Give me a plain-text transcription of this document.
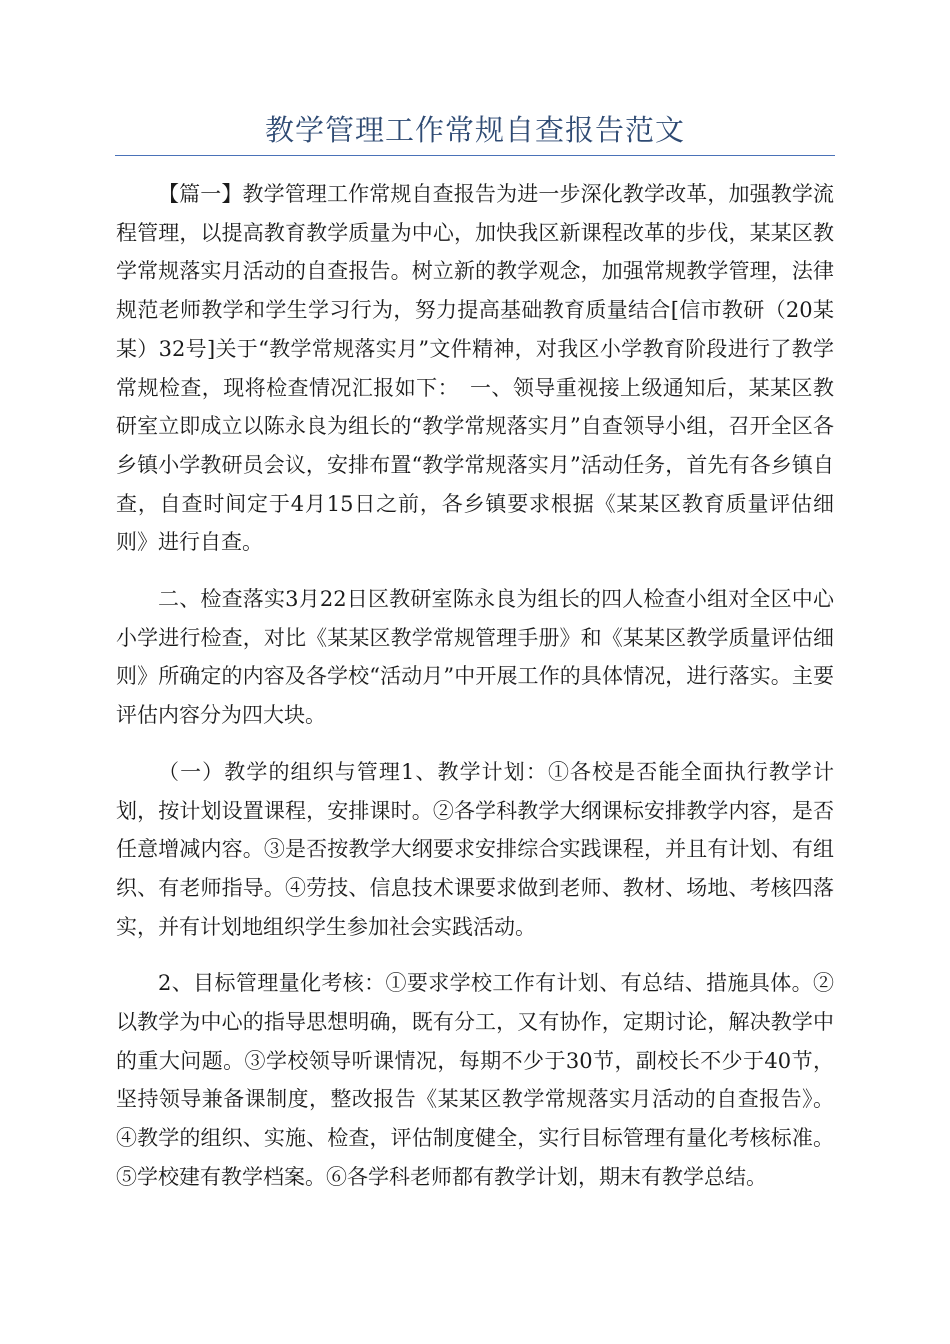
教学管理工作常规自查报告范文

【篇一】教学管理工作常规自查报告为进一步深化教学改革，加强教学流程管理，以提高教育教学质量为中心，加快我区新课程改革的步伐，某某区教学常规落实月活动的自查报告。树立新的教学观念，加强常规教学管理，法律规范老师教学和学生学习行为，努力提高基础教育质量结合[信市教研（20某某）32号]关于“教学常规落实月”文件精神，对我区小学教育阶段进行了教学常规检查，现将检查情况汇报如下：　一、领导重视接上级通知后，某某区教研室立即成立以陈永良为组长的“教学常规落实月”自查领导小组，召开全区各乡镇小学教研员会议，安排布置“教学常规落实月”活动任务，首先有各乡镇自查，自查时间定于4月15日之前，各乡镇要求根据《某某区教育质量评估细则》进行自查。

二、检查落实3月22日区教研室陈永良为组长的四人检查小组对全区中心小学进行检查，对比《某某区教学常规管理手册》和《某某区教学质量评估细则》所确定的内容及各学校“活动月”中开展工作的具体情况，进行落实。主要评估内容分为四大块。

（一）教学的组织与管理1、教学计划：①各校是否能全面执行教学计划，按计划设置课程，安排课时。②各学科教学大纲课标安排教学内容，是否任意增减内容。③是否按教学大纲要求安排综合实践课程，并且有计划、有组织、有老师指导。④劳技、信息技术课要求做到老师、教材、场地、考核四落实，并有计划地组织学生参加社会实践活动。

2、目标管理量化考核：①要求学校工作有计划、有总结、措施具体。②以教学为中心的指导思想明确，既有分工，又有协作，定期讨论，解决教学中的重大问题。③学校领导听课情况，每期不少于30节，副校长不少于40节，坚持领导兼备课制度，整改报告《某某区教学常规落实月活动的自查报告》。④教学的组织、实施、检查，评估制度健全，实行目标管理有量化考核标准。⑤学校建有教学档案。⑥各学科老师都有教学计划，期末有教学总结。
